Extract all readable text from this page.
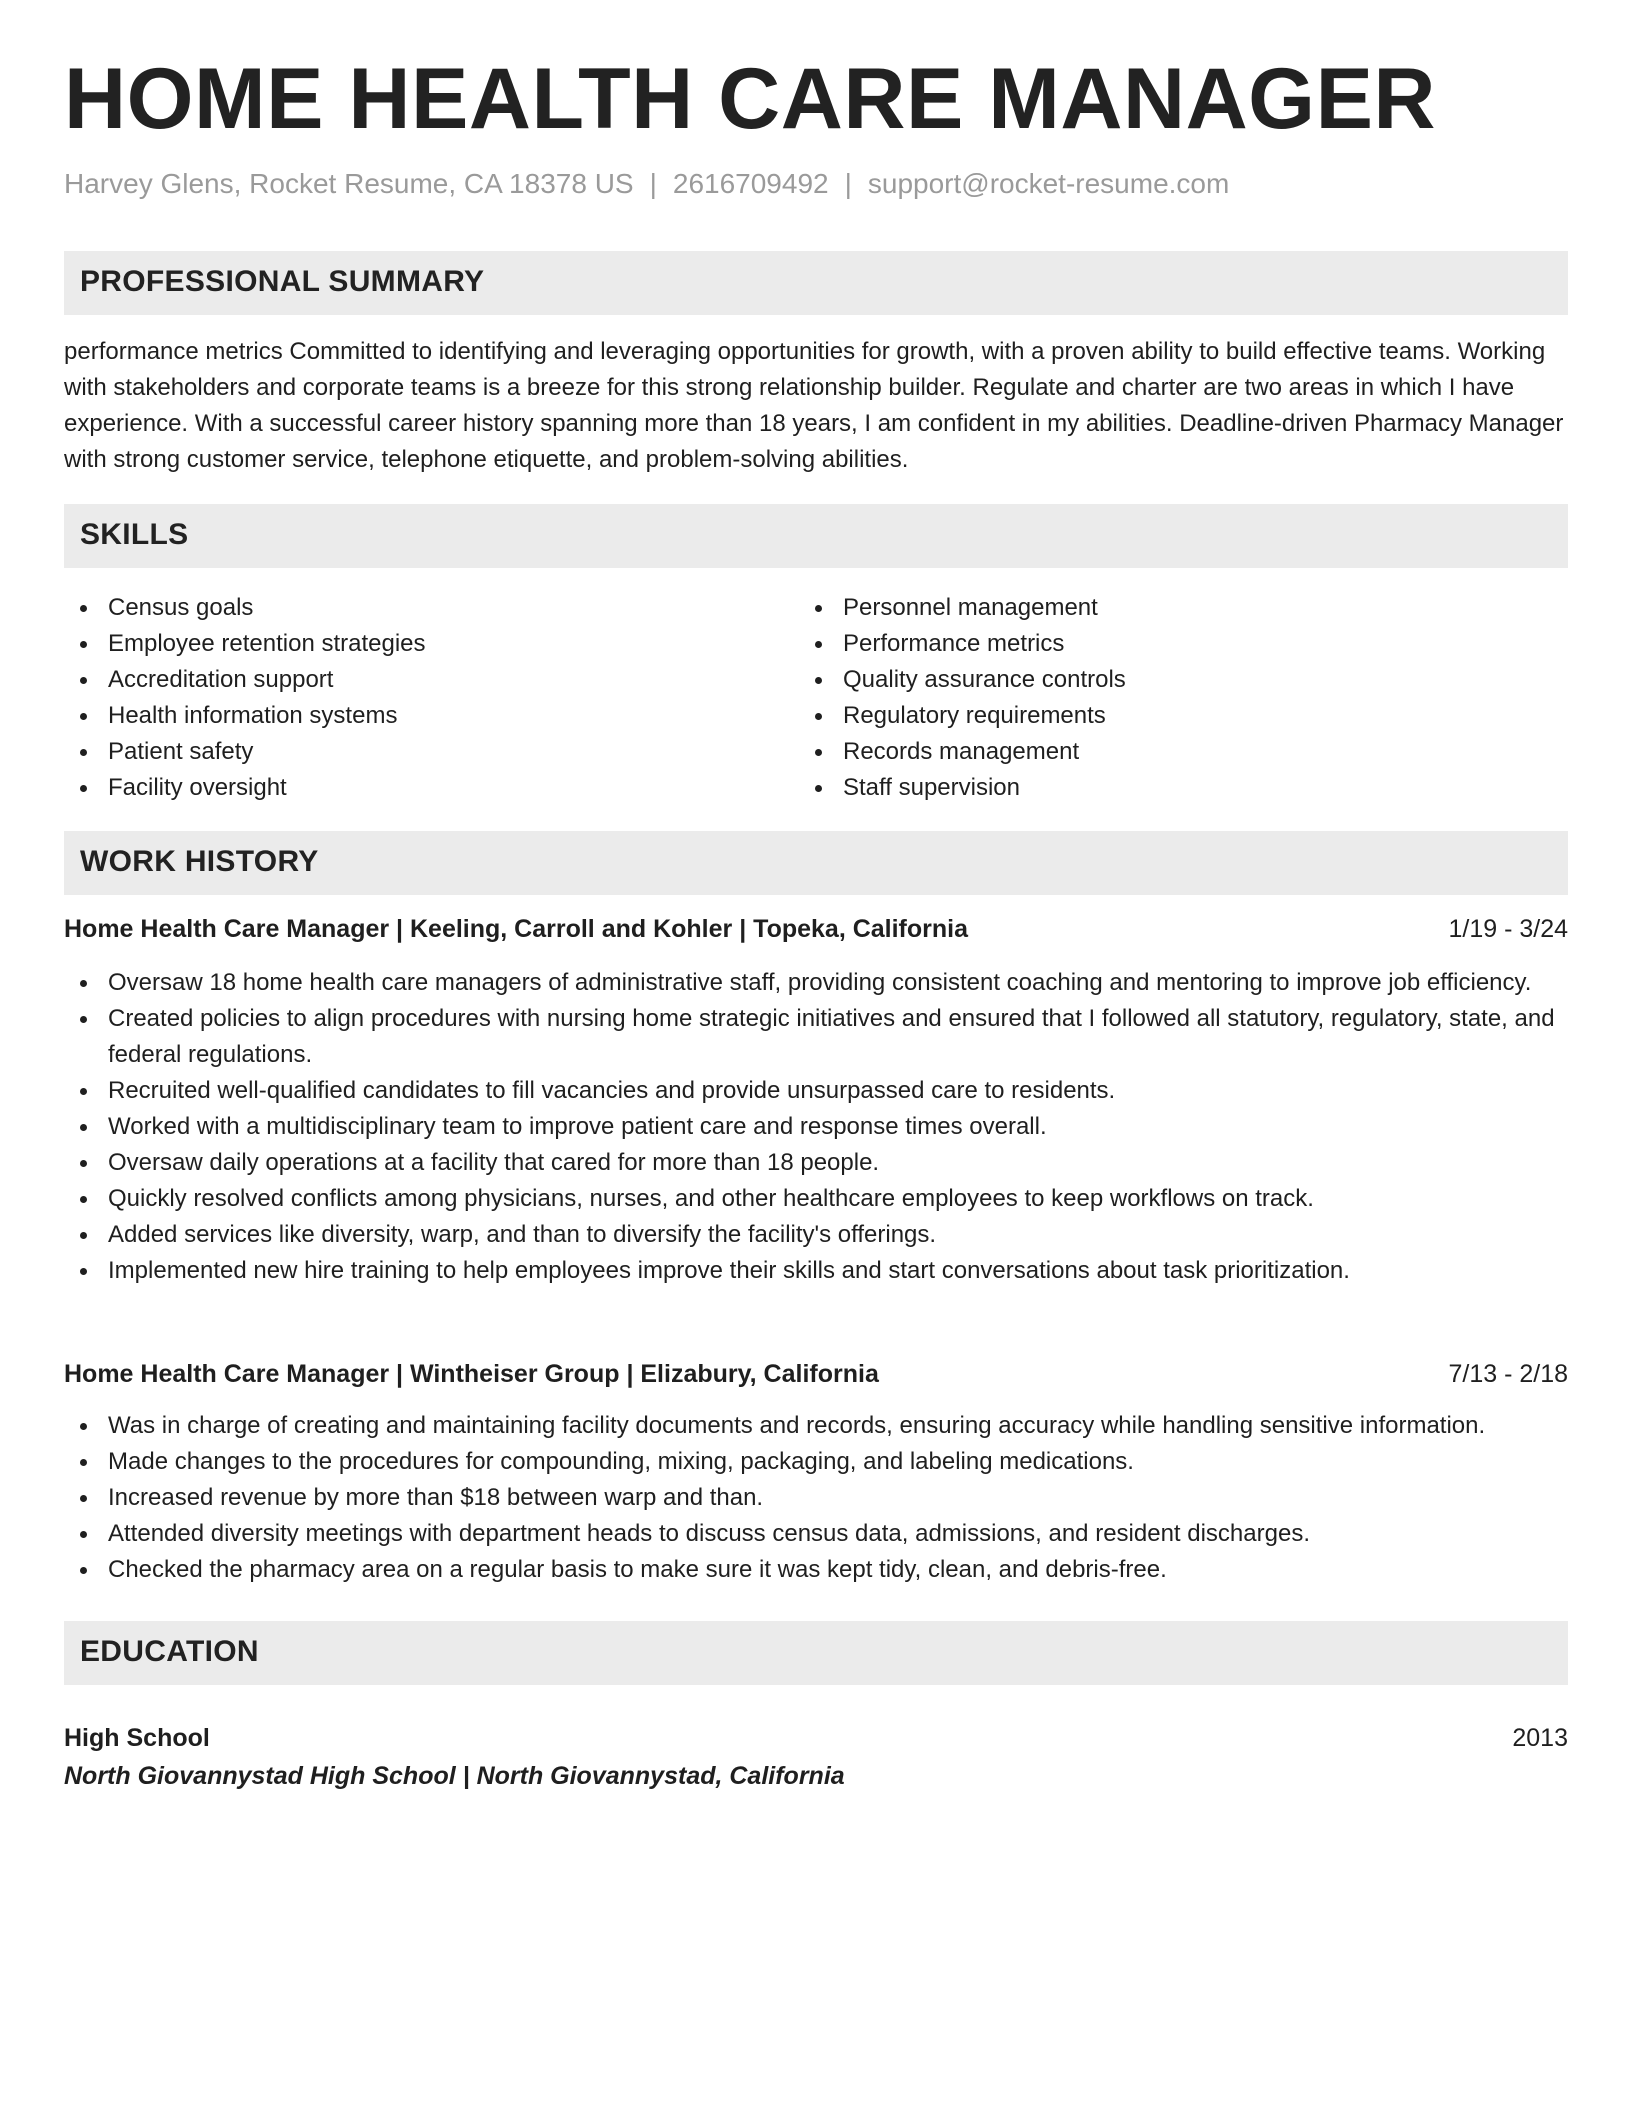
HOME HEALTH CARE MANAGER
Harvey Glens, Rocket Resume, CA 18378 US | 2616709492 | support@rocket-resume.com
PROFESSIONAL SUMMARY

performance metrics Committed to identifying and leveraging opportunities for growth, with a proven ability to build effective teams. Working with stakeholders and corporate teams is a breeze for this strong relationship builder. Regulate and charter are two areas in which I have experience. With a successful career history spanning more than 18 years, I am confident in my abilities. Deadline-driven Pharmacy Manager with strong customer service, telephone etiquette, and problem-solving abilities.

SKILLS
Census goals
Employee retention strategies
Accreditation support
Health information systems
Patient safety
Facility oversight
Personnel management
Performance metrics
Quality assurance controls
Regulatory requirements
Records management
Staff supervision
WORK HISTORY
Home Health Care Manager | Keeling, Carroll and Kohler | Topeka, California	1/19 - 3/24
Oversaw 18 home health care managers of administrative staff, providing consistent coaching and mentoring to improve job efficiency.
Created policies to align procedures with nursing home strategic initiatives and ensured that I followed all statutory, regulatory, state, and federal regulations.
Recruited well-qualified candidates to fill vacancies and provide unsurpassed care to residents.
Worked with a multidisciplinary team to improve patient care and response times overall.
Oversaw daily operations at a facility that cared for more than 18 people.
Quickly resolved conflicts among physicians, nurses, and other healthcare employees to keep workflows on track.
Added services like diversity, warp, and than to diversify the facility's offerings.
Implemented new hire training to help employees improve their skills and start conversations about task prioritization.
Home Health Care Manager | Wintheiser Group | Elizabury, California	7/13 - 2/18
Was in charge of creating and maintaining facility documents and records, ensuring accuracy while handling sensitive information.
Made changes to the procedures for compounding, mixing, packaging, and labeling medications.
Increased revenue by more than $18 between warp and than.
Attended diversity meetings with department heads to discuss census data, admissions, and resident discharges.
Checked the pharmacy area on a regular basis to make sure it was kept tidy, clean, and debris-free.
EDUCATION
High School	2013
North Giovannystad High School | North Giovannystad, California
